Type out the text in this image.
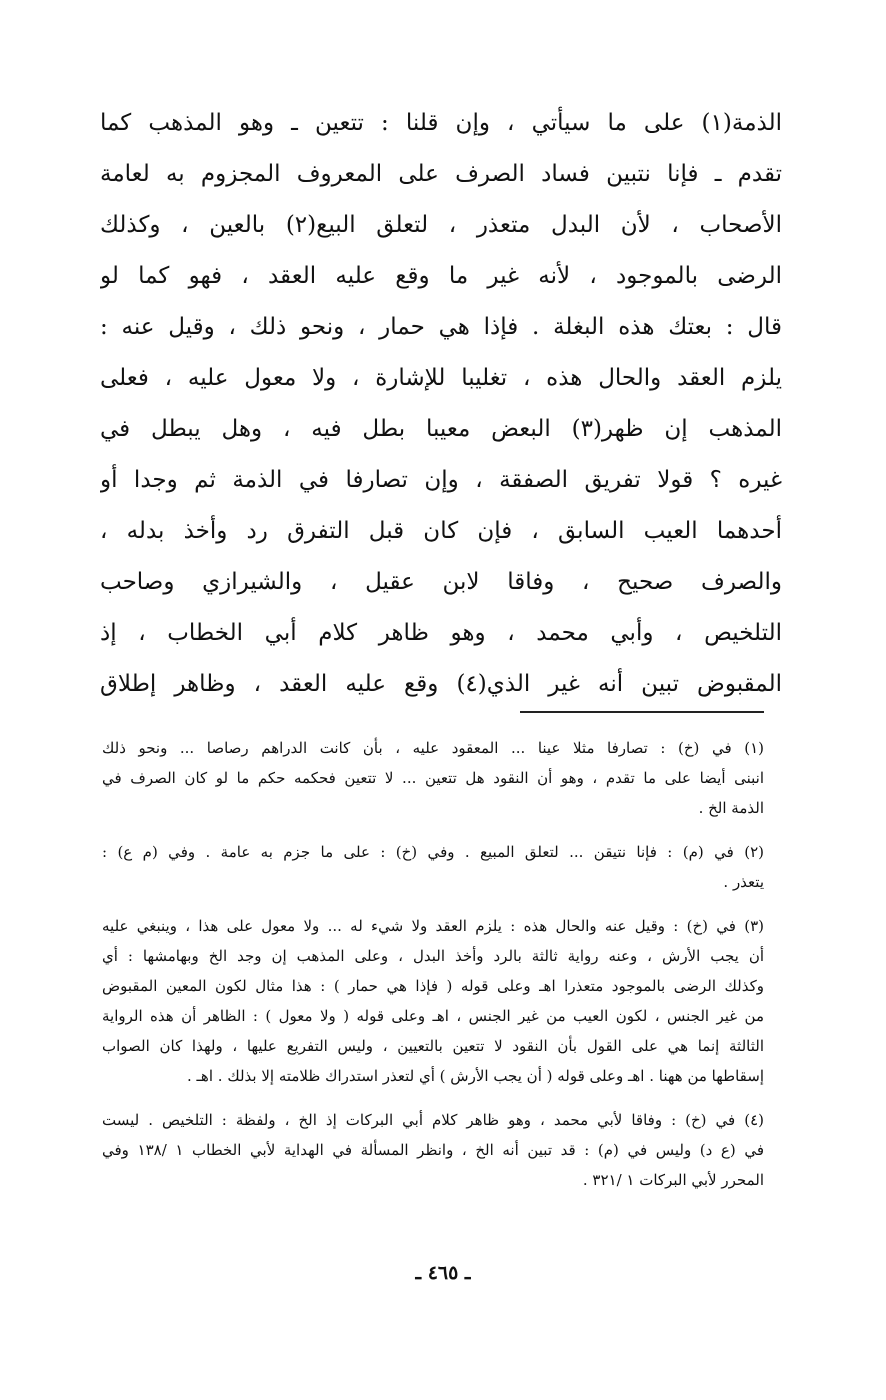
الذمة(١) على ما سيأتي ، وإن قلنا : تتعين ـ وهو المذهب كما
تقدم ـ فإنا نتبين فساد الصرف على المعروف المجزوم به لعامة
الأصحاب ، لأن البدل متعذر ، لتعلق البيع(٢) بالعين ، وكذلك
الرضى بالموجود ، لأنه غير ما وقع عليه العقد ، فهو كما لو
قال : بعتك هذه البغلة . فإذا هي حمار ، ونحو ذلك ، وقيل عنه :
يلزم العقد والحال هذه ، تغليبا للإشارة ، ولا معول عليه ، فعلى
المذهب إن ظهر(٣) البعض معيبا بطل فيه ، وهل يبطل في
غيره ؟ قولا تفريق الصفقة ، وإن تصارفا في الذمة ثم وجدا أو
أحدهما العيب السابق ، فإن كان قبل التفرق رد وأخذ بدله ،
والصرف صحيح ، وفاقا لابن عقيل ، والشيرازي وصاحب
التلخيص ، وأبي محمد ، وهو ظاهر كلام أبي الخطاب ، إذ
المقبوض تبين أنه غير الذي(٤) وقع عليه العقد ، وظاهر إطلاق
(١) في (خ) : تصارفا مثلا عينا ... المعقود عليه ، بأن كانت الدراهم رصاصا ... ونحو ذلك
انبنى أيضا على ما تقدم ، وهو أن النقود هل تتعين ... لا تتعين فحكمه حكم ما لو كان الصرف في
الذمة الخ .
(٢) في (م) : فإنا نتيقن ... لتعلق المبيع . وفي (خ) : على ما جزم به عامة . وفي (م ع) :
يتعذر .
(٣) في (خ) : وقيل عنه والحال هذه : يلزم العقد ولا شيء له ... ولا معول على هذا ، وينبغي عليه
أن يجب الأرش ، وعنه رواية ثالثة بالرد وأخذ البدل ، وعلى المذهب إن وجد الخ وبهامشها : أي
وكذلك الرضى بالموجود متعذرا اهـ وعلى قوله ( فإذا هي حمار ) : هذا مثال لكون المعين المقبوض
من غير الجنس ، لكون العيب من غير الجنس ، اهـ وعلى قوله ( ولا معول ) : الظاهر أن هذه الرواية
الثالثة إنما هي على القول بأن النقود لا تتعين بالتعيين ، وليس التفريع عليها ، ولهذا كان الصواب
إسقاطها من ههنا . اهـ وعلى قوله ( أن يجب الأرش ) أي لتعذر استدراك ظلامته إلا بذلك . اهـ .
(٤) في (خ) : وفاقا لأبي محمد ، وهو ظاهر كلام أبي البركات إذ الخ ، ولفظة : التلخيص . ليست
في (ع د) وليس في (م) : قد تبين أنه الخ ، وانظر المسألة في الهداية لأبي الخطاب ١ /١٣٨ وفي
المحرر لأبي البركات ١ /٣٢١ .
ـ ٤٦٥ ـ
